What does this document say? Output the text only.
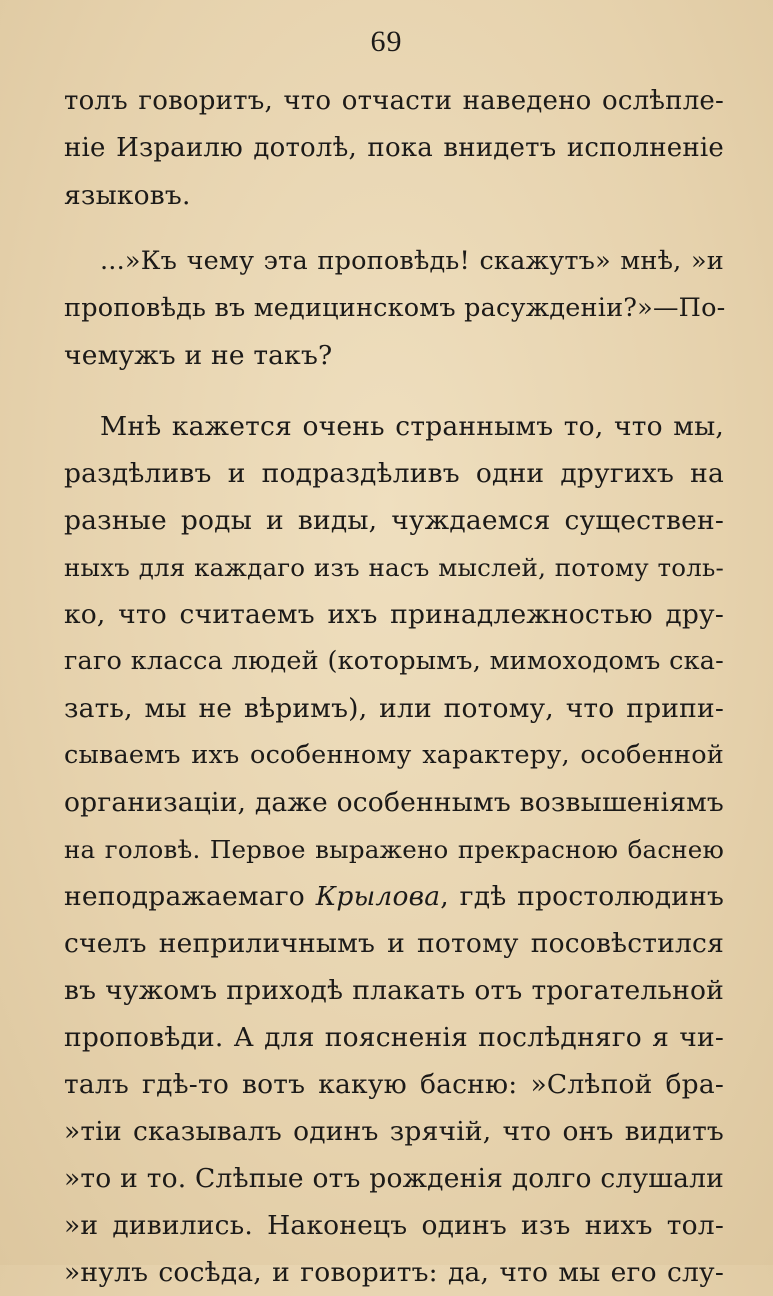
69
толъ говоритъ, что отчасти наведено ослѣпле-
ніе Израилю дотолѣ, пока внидетъ исполненіе
языковъ.
...»Къ чему эта проповѣдь! скажутъ» мнѣ, »и
проповѣдь въ медицинскомъ расужденіи?»—По-
чемужъ и не такъ?
Мнѣ кажется очень страннымъ то, что мы,
раздѣливъ и подраздѣливъ одни другихъ на
разные роды и виды, чуждаемся существен-
ныхъ для каждаго изъ насъ мыслей, потому толь-
ко, что считаемъ ихъ принадлежностью дру-
гаго класса людей (которымъ, мимоходомъ ска-
зать, мы не вѣримъ), или потому, что припи-
сываемъ ихъ особенному характеру, особенной
организаціи, даже особеннымъ возвышеніямъ
на головѣ. Первое выражено прекрасною баснею
неподражаемаго Крылова, гдѣ простолюдинъ
счелъ неприличнымъ и потому посовѣстился
въ чужомъ приходѣ плакать отъ трогательной
проповѣди. А для поясненія послѣдняго я чи-
талъ гдѣ-то вотъ какую басню: »Слѣпой бра-
»тіи сказывалъ одинъ зрячій, что онъ видитъ
»то и то. Слѣпые отъ рожденія долго слушали
»и дивились. Наконецъ одинъ изъ нихъ тол-
»нулъ сосѣда, и говоритъ: да, что мы его слу-
